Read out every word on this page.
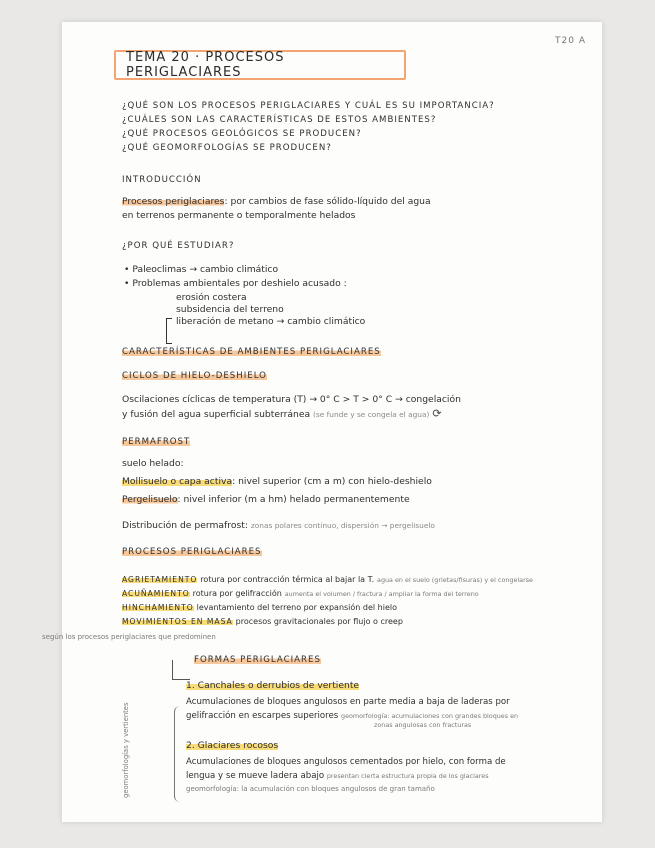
T20 A
TEMA 20 · PROCESOS PERIGLACIARES
¿QUÉ SON LOS PROCESOS PERIGLACIARES Y CUÁL ES SU IMPORTANCIA?
¿CUÁLES SON LAS CARACTERÍSTICAS DE ESTOS AMBIENTES?
¿QUÉ PROCESOS GEOLÓGICOS SE PRODUCEN?
¿QUÉ GEOMORFOLOGÍAS SE PRODUCEN?
INTRODUCCIÓN
Procesos periglaciares: por cambios de fase sólido-líquido del agua
en terrenos permanente o temporalmente helados
¿POR QUÉ ESTUDIAR?
• Paleoclimas → cambio climático
• Problemas ambientales por deshielo acusado :
erosión costera
subsidencia del terreno
liberación de metano → cambio climático
CARACTERÍSTICAS DE AMBIENTES PERIGLACIARES
CICLOS DE HIELO-DESHIELO
Oscilaciones cíclicas de temperatura (T) → 0° C > T > 0° C → congelación
y fusión del agua superficial subterránea (se funde y se congela el agua) ⟳
PERMAFROST
suelo helado:
Mollisuelo o capa activa: nivel superior (cm a m) con hielo-deshielo
Pergelisuelo: nivel inferior (m a hm) helado permanentemente
Distribución de permafrost: zonas polares continuo, dispersión → pergelisuelo
PROCESOS PERIGLACIARES
AGRIETAMIENTO rotura por contracción térmica al bajar la T. agua en el suelo (grietas/fisuras) y el congelarse
ACUÑAMIENTO rotura por gelifracción aumenta el volumen / fractura / ampliar la forma del terreno
HINCHAMIENTO levantamiento del terreno por expansión del hielo
MOVIMIENTOS EN MASA procesos gravitacionales por flujo o creep
según los procesos periglaciares que predominen
FORMAS PERIGLACIARES
geomorfologías y vertientes
1. Canchales o derrubios de vertiente
Acumulaciones de bloques angulosos en parte media a baja de laderas por
gelifracción en escarpes superiores geomorfología: acumulaciones con grandes bloques en
zonas angulosas con fracturas
2. Glaciares rocosos
Acumulaciones de bloques angulosos cementados por hielo, con forma de
lengua y se mueve ladera abajo presentan cierta estructura propia de los glaciares
geomorfología: la acumulación con bloques angulosos de gran tamaño
